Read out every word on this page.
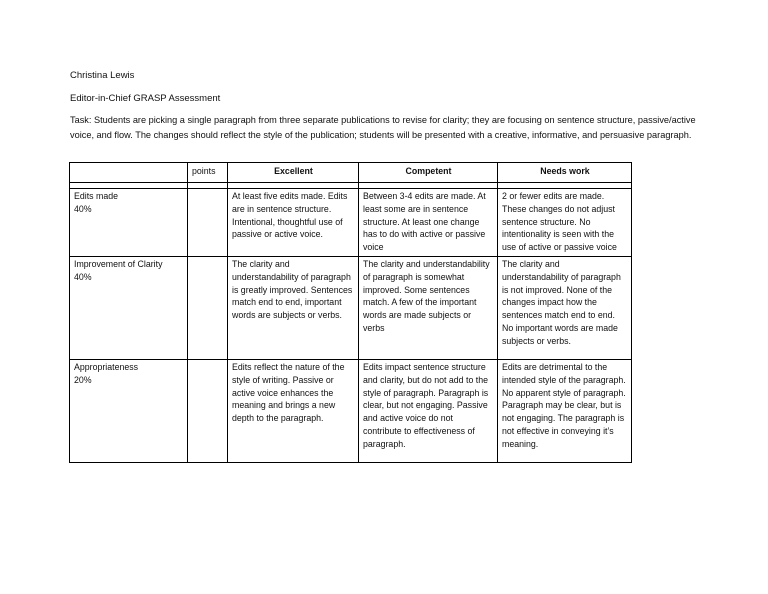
Christina Lewis
Editor-in-Chief GRASP Assessment
Task: Students are picking a single paragraph from three separate publications to revise for clarity; they are focusing on sentence structure, passive/active voice, and flow. The changes should reflect the style of the publication; students will be presented with a creative, informative, and persuasive paragraph.
	points	Excellent	Competent	Needs work

Edits made
40%		At least five edits made. Edits are in sentence structure. Intentional, thoughtful use of passive or active voice.	Between 3-4 edits are made. At least some are in sentence structure. At least one change has to do with active or passive voice	2 or fewer edits are made. These changes do not adjust sentence structure. No intentionality is seen with the use of active or passive voice

Improvement of Clarity
40%		The clarity and understandability of paragraph is greatly improved. Sentences match end to end, important words are subjects or verbs.	The clarity and understandability of paragraph is somewhat improved. Some sentences match. A few of the important words are made subjects or verbs	The clarity and understandability of paragraph is not improved. None of the changes impact how the sentences match end to end. No important words are made subjects or verbs.

Appropriateness
20%		Edits reflect the nature of the style of writing. Passive or active voice enhances the meaning and brings a new depth to the paragraph.	Edits impact sentence structure and clarity, but do not add to the style of paragraph. Paragraph is clear, but not engaging. Passive and active voice do not contribute to effectiveness of paragraph.	Edits are detrimental to the intended style of the paragraph. No apparent style of paragraph. Paragraph may be clear, but is not engaging. The paragraph is not effective in conveying it’s meaning.
